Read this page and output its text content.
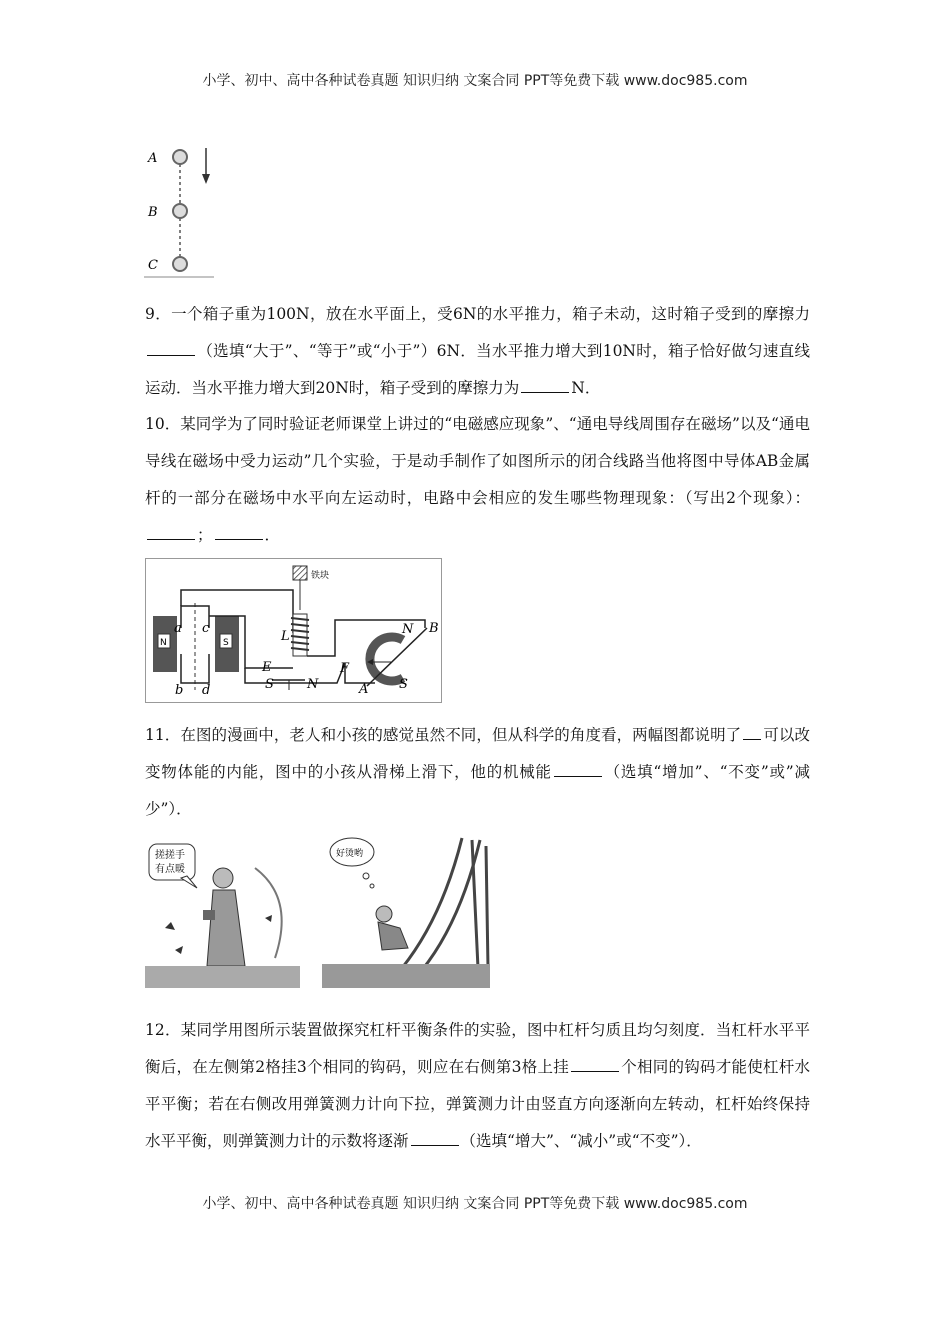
小学、初中、高中各种试卷真题 知识归纳 文案合同 PPT等免费下载 www.doc985.com
A
B
C
9．一个箱子重为100N，放在水平面上，受6N的水平推力，箱子未动，这时箱子受到的摩擦力（选填“大于”、“等于”或“小于”）6N．当水平推力增大到10N时，箱子恰好做匀速直线运动．当水平推力增大到20N时，箱子受到的摩擦力为	N．
10．某同学为了同时验证老师课堂上讲过的“电磁感应现象”、“通电导线周围存在磁场”以及“通电导线在磁场中受力运动”几个实验，于是动手制作了如图所示的闭合线路当他将图中导体AB金属杆的一部分在磁场中水平向左运动时，电路中会相应的发生哪些物理现象：（写出2个现象）：；	．
N	S
铁块
L
a
b
c
d
E	F
A
B
N
S
S	N
11．在图的漫画中，老人和小孩的感觉虽然不同，但从科学的角度看，两幅图都说明了 可以改变物体能的内能，图中的小孩从滑梯上滑下，他的机械能	（选填“增加”、“不变”或”减少”）．
搓搓手
有点暖
好烫哟
12．某同学用图所示装置做探究杠杆平衡条件的实验，图中杠杆匀质且均匀刻度．当杠杆水平平衡后，在左侧第2格挂3个相同的钩码，则应在右侧第3格上挂	个相同的钩码才能使杠杆水平平衡；若在右侧改用弹簧测力计向下拉，弹簧测力计由竖直方向逐渐向左转动，杠杆始终保持水平平衡，则弹簧测力计的示数将逐渐	（选填“增大”、“减小”或“不变”）．
小学、初中、高中各种试卷真题 知识归纳 文案合同 PPT等免费下载 www.doc985.com
